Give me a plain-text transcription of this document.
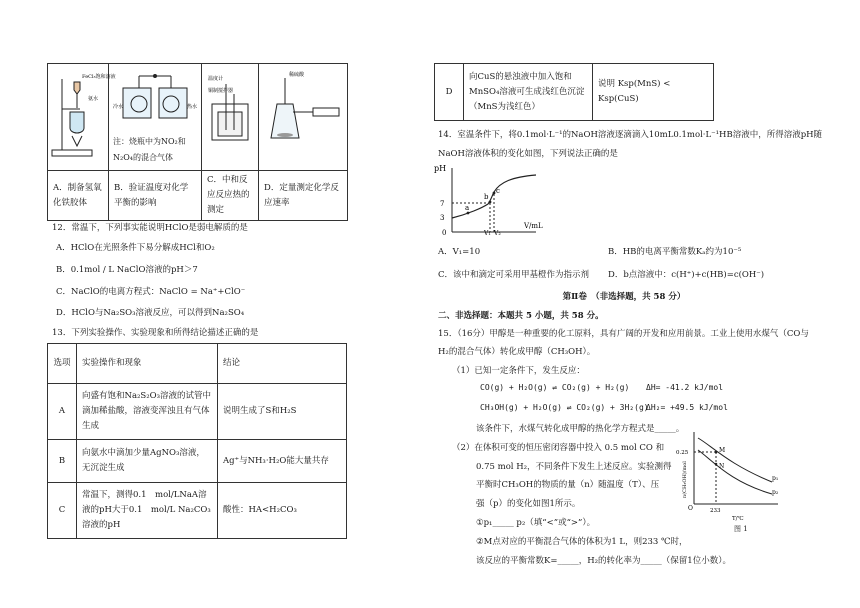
FeCl₃饱和溶液
氨水	冷水 热水
注：烧瓶中为NO₂和N₂O₄的混合气体	温度计
铜制搅拌器	稀硫酸

A．制备氢氧化铁胶体	B．验证温度对化学平衡的影响	C．中和反应反应热的测定	D．定量测定化学反应速率
12．常温下，下列事实能说明HClO是弱电解质的是
A．HClO在光照条件下易分解成HCl和O₂
B．0.1mol / L NaClO溶液的pH＞7
C．NaClO的电离方程式：NaClO = Na⁺+ClO⁻
D．HClO与Na₂SO₃溶液反应，可以得到Na₂SO₄
13．下列实验操作、实验现象和所得结论描述正确的是
选项	实验操作和现象	结论
A	向盛有饱和Na₂S₂O₃溶液的试管中滴加稀盐酸，溶液变浑浊且有气体生成	说明生成了S和H₂S
B	向氨水中滴加少量AgNO₃溶液，无沉淀生成	Ag⁺与NH₃·H₂O能大量共存
C	常温下，测得0.1　mol/LNaA溶液的pH大于0.1　mol/L Na₂CO₃溶液的pH	酸性：HA<H₂CO₃
D	向CuS的悬浊液中加入饱和MnSO₄溶液可生成浅红色沉淀（MnS为浅红色）	说明 Ksp(MnS) < Ksp(CuS)
14．室温条件下，将0.1mol·L⁻¹的NaOH溶液逐滴滴入10mL0.1mol·L⁻¹HB溶液中，所得溶液pH随
NaOH溶液体积的变化如图，下列说法正确的是
pH
7
3
0
a
b
c
V₁ V₂
V/mL
A．V₁=10	B．HB的电离平衡常数Kₐ约为10⁻⁵
C．该中和滴定可采用甲基橙作为指示剂 D．b点溶液中：c(H⁺)+c(HB)=c(OH⁻)
第Ⅱ卷　（非选择题，共 58 分）
二、非选择题：本题共 5 小题，共 58 分。
15．（16分）甲醇是一种重要的化工原料，具有广阔的开发和应用前景。工业上使用水煤气（CO与
H₂的混合气体）转化成甲醇（CH₃OH）。
（1）已知一定条件下，发生反应：
CO(g) + H₂O(g) ⇌ CO₂(g) + H₂(g) ΔH= -41.2 kJ/mol
CH₃OH(g) + H₂O(g) ⇌ CO₂(g) + 3H₂(g)
ΔH₂= +49.5 kJ/mol
该条件下，水煤气转化成甲醇的热化学方程式是_____。
（2）在体积可变的恒压密闭容器中投入 0.5 mol CO 和
0.75 mol H₂，不同条件下发生上述反应。实验测得
平衡时CH₃OH的物质的量（n）随温度（T）、压
强（p）的变化如图1所示。
①p₁_____ p₂（填“<”或“>”）。
②M点对应的平衡混合气体的体积为1 L，则233 ℃时，
该反应的平衡常数K=_____，H₂的转化率为_____（保留1位小数）。
n(CH₃OH)/mol
0.25	M
N
p₁
p₂
O	233
T/℃
图 1
